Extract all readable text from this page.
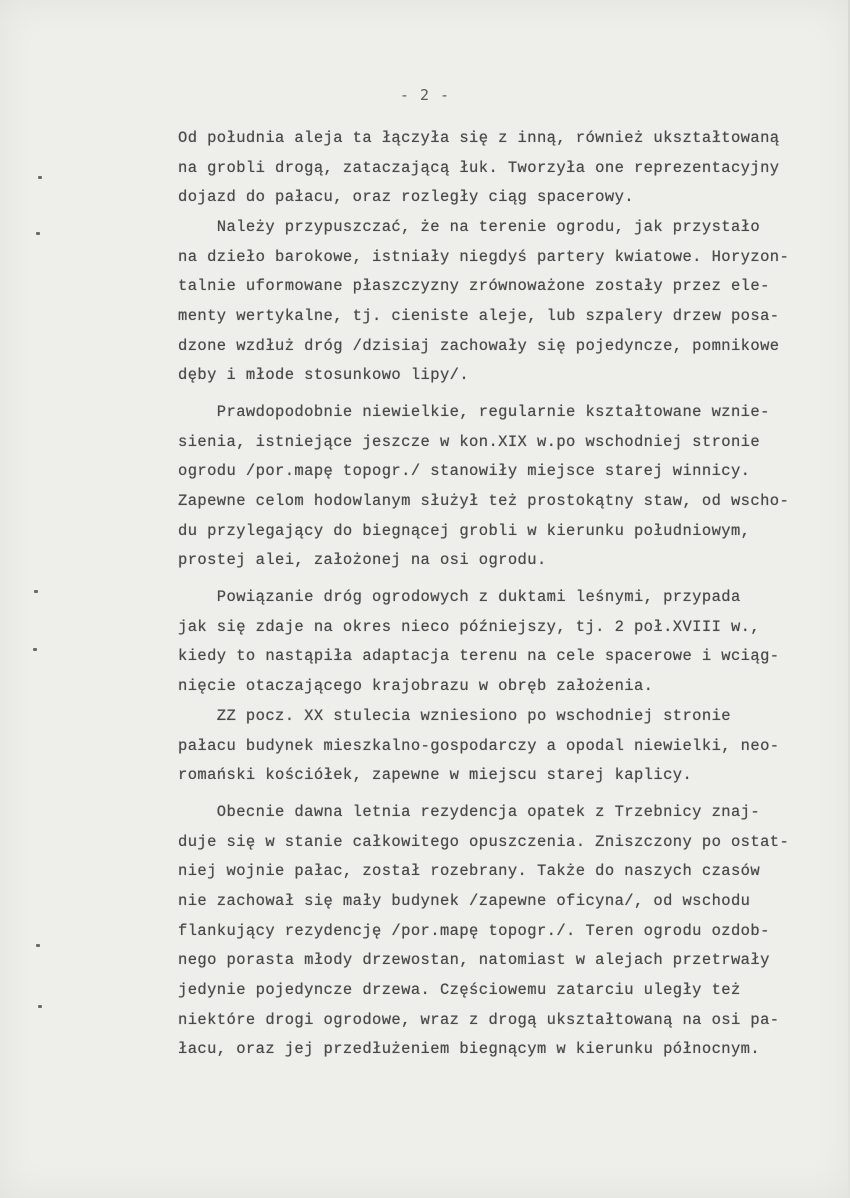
- 2 -
Od południa aleja ta łączyła się z inną, również ukształtowaną
na grobli drogą, zataczającą łuk. Tworzyła one reprezentacyjny
dojazd do pałacu, oraz rozległy ciąg spacerowy.
Należy przypuszczać, że na terenie ogrodu, jak przystało
na dzieło barokowe, istniały niegdyś partery kwiatowe. Horyzon-
talnie uformowane płaszczyzny zrównoważone zostały przez ele-
menty wertykalne, tj. cieniste aleje, lub szpalery drzew posa-
dzone wzdłuż dróg /dzisiaj zachowały się pojedyncze, pomnikowe
dęby i młode stosunkowo lipy/.
Prawdopodobnie niewielkie, regularnie kształtowane wznie-
sienia, istniejące jeszcze w kon.XIX w.po wschodniej stronie
ogrodu /por.mapę topogr./ stanowiły miejsce starej winnicy.
Zapewne celom hodowlanym służył też prostokątny staw, od wscho-
du przylegający do biegnącej grobli w kierunku południowym,
prostej alei, założonej na osi ogrodu.
Powiązanie dróg ogrodowych z duktami leśnymi, przypada
jak się zdaje na okres nieco późniejszy, tj. 2 poł.XVIII w.,
kiedy to nastąpiła adaptacja terenu na cele spacerowe i wciąg-
nięcie otaczającego krajobrazu w obręb założenia.
ZZ pocz. XX stulecia wzniesiono po wschodniej stronie
pałacu budynek mieszkalno-gospodarczy a opodal niewielki, neo-
romański kościółek, zapewne w miejscu starej kaplicy.
Obecnie dawna letnia rezydencja opatek z Trzebnicy znaj-
duje się w stanie całkowitego opuszczenia. Zniszczony po ostat-
niej wojnie pałac, został rozebrany. Także do naszych czasów
nie zachował się mały budynek /zapewne oficyna/, od wschodu
flankujący rezydencję /por.mapę topogr./. Teren ogrodu ozdob-
nego porasta młody drzewostan, natomiast w alejach przetrwały
jedynie pojedyncze drzewa. Częściowemu zatarciu uległy też
niektóre drogi ogrodowe, wraz z drogą ukształtowaną na osi pa-
łacu, oraz jej przedłużeniem biegnącym w kierunku północnym.
